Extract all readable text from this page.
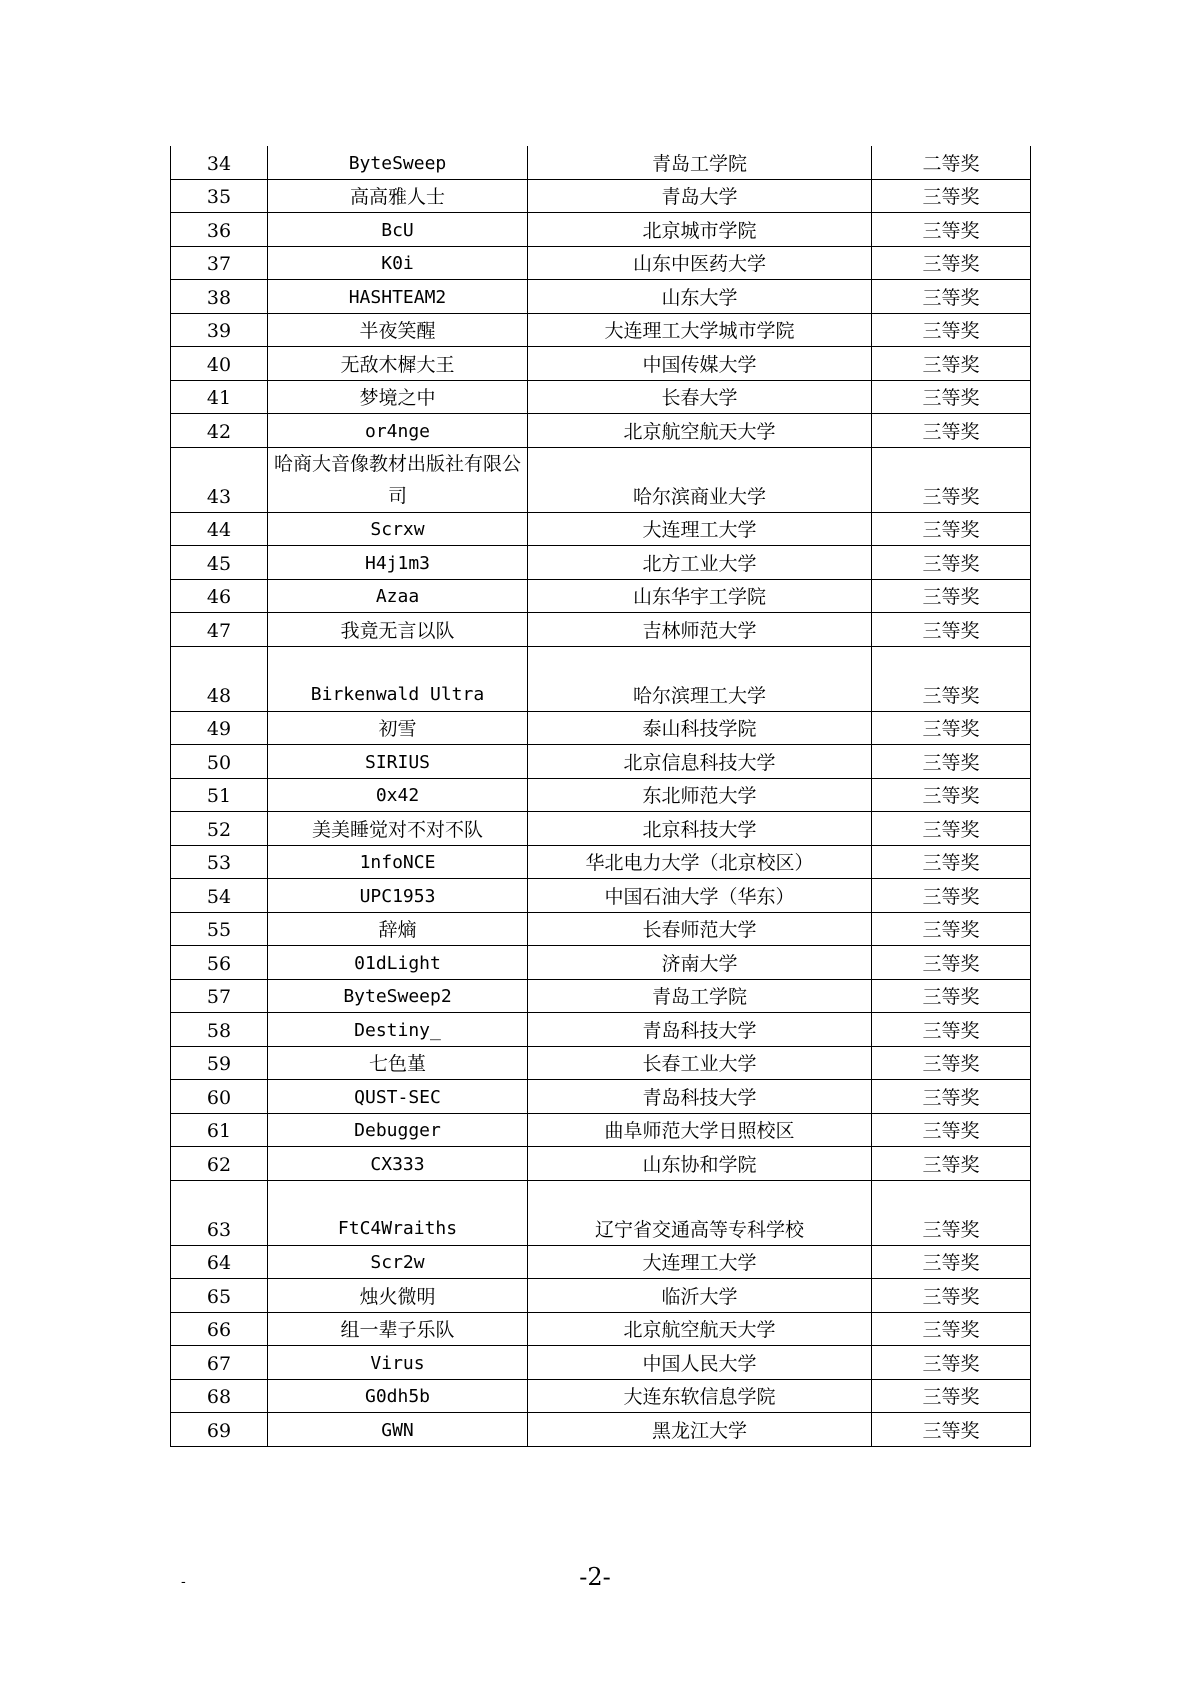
34	ByteSweep	青岛工学院	二等奖
35	高高雅人士	青岛大学	三等奖
36	BcU	北京城市学院	三等奖
37	K0i	山东中医药大学	三等奖
38	HASHTEAM2	山东大学	三等奖
39	半夜笑醒	大连理工大学城市学院	三等奖
40	无敌木樨大王	中国传媒大学	三等奖
41	梦境之中	长春大学	三等奖
42	or4nge	北京航空航天大学	三等奖
43	哈商大音像教材出版社有限公司	哈尔滨商业大学	三等奖
44	Scrxw	大连理工大学	三等奖
45	H4j1m3	北方工业大学	三等奖
46	Azaa	山东华宇工学院	三等奖
47	我竟无言以队	吉林师范大学	三等奖
48	Birkenwald Ultra	哈尔滨理工大学	三等奖
49	初雪	泰山科技学院	三等奖
50	SIRIUS	北京信息科技大学	三等奖
51	0x42	东北师范大学	三等奖
52	美美睡觉对不对不队	北京科技大学	三等奖
53	1nfoNCE	华北电力大学（北京校区）	三等奖
54	UPC1953	中国石油大学（华东）	三等奖
55	辞熵	长春师范大学	三等奖
56	01dLight	济南大学	三等奖
57	ByteSweep2	青岛工学院	三等奖
58	Destiny_	青岛科技大学	三等奖
59	七色堇	长春工业大学	三等奖
60	QUST-SEC	青岛科技大学	三等奖
61	Debugger	曲阜师范大学日照校区	三等奖
62	CX333	山东协和学院	三等奖
63	FtC4Wraiths	辽宁省交通高等专科学校	三等奖
64	Scr2w	大连理工大学	三等奖
65	烛火微明	临沂大学	三等奖
66	组一辈子乐队	北京航空航天大学	三等奖
67	Virus	中国人民大学	三等奖
68	G0dh5b	大连东软信息学院	三等奖
69	GWN	黑龙江大学	三等奖
-	-2-
